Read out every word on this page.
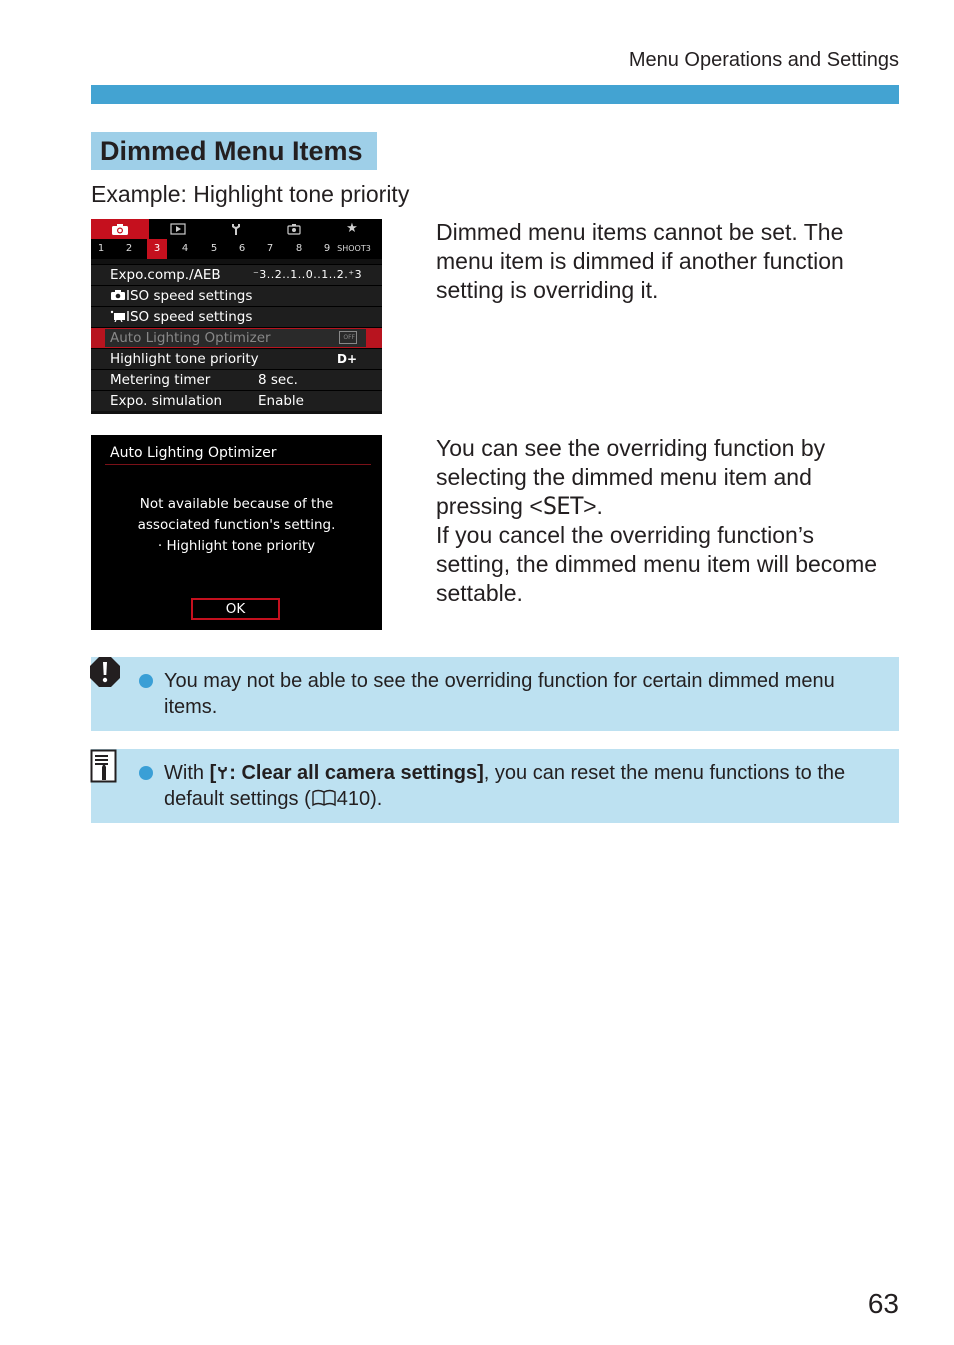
Menu Operations and Settings
Dimmed Menu Items
Example: Highlight tone priority
★
1	2	3	4	5	6	7	8	9 SHOOT3
Expo.comp./AEB	⁻3..2..1..0..1..2.⁺3
ISO speed settings
ISO speed settings
Auto Lighting Optimizer	OFF
Highlight tone priority	D+
Metering timer	8 sec.
Expo. simulation	Enable
Auto Lighting Optimizer
Not available because of the
associated function's setting.
· Highlight tone priority
OK
Dimmed menu items cannot be set. The menu item is dimmed if another function setting is overriding it.
You can see the overriding function by
selecting the dimmed menu item and
pressing <SET>.
If you cancel the overriding function’s
setting, the dimmed menu item will become
settable.
You may not be able to see the overriding function for certain dimmed menu items.
With [ : Clear all camera settings], you can reset the menu functions to the default settings ( 410).
63
